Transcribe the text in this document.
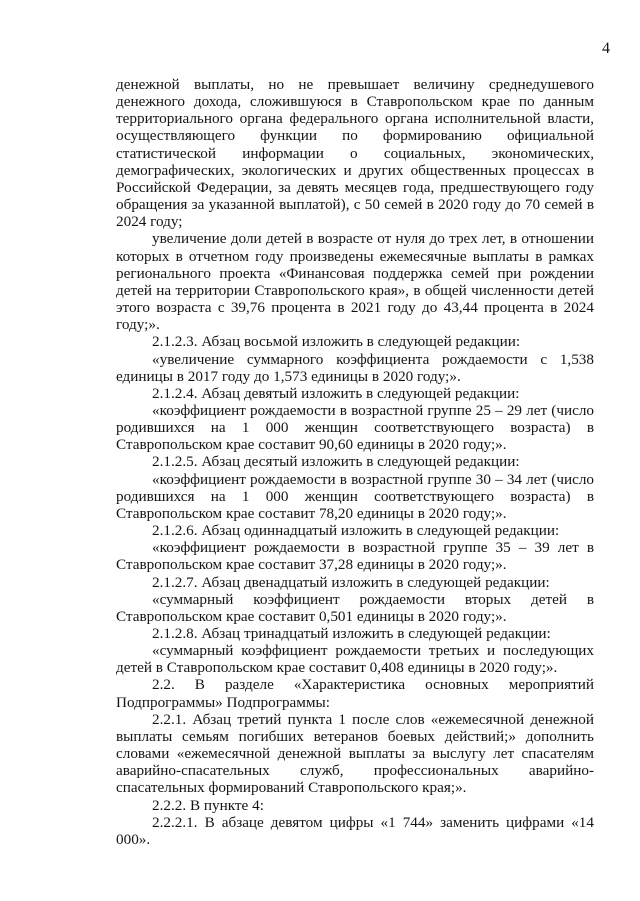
4

денежной выплаты, но не превышает величину среднедушевого денежного дохода, сложившуюся в Ставропольском крае по данным территориального органа федерального органа исполнительной власти, осуществляющего функции по формированию официальной статистической информации о социальных, экономических, демографических, экологических и других общественных процессах в Российской Федерации, за девять месяцев года, предшествующего году обращения за указанной выплатой), с 50 семей в 2020 году до 70 семей в 2024 году;

увеличение доли детей в возрасте от нуля до трех лет, в отношении которых в отчетном году произведены ежемесячные выплаты в рамках регионального проекта «Финансовая поддержка семей при рождении детей на территории Ставропольского края», в общей численности детей этого возраста с 39,76 процента в 2021 году до 43,44 процента в 2024 году;».

2.1.2.3. Абзац восьмой изложить в следующей редакции:

«увеличение суммарного коэффициента рождаемости с 1,538 единицы в 2017 году до 1,573 единицы в 2020 году;».

2.1.2.4. Абзац девятый изложить в следующей редакции:

«коэффициент рождаемости в возрастной группе 25 – 29 лет (число родившихся на 1 000 женщин соответствующего возраста) в Ставропольском крае составит 90,60 единицы в 2020 году;».

2.1.2.5. Абзац десятый изложить в следующей редакции:

«коэффициент рождаемости в возрастной группе 30 – 34 лет (число родившихся на 1 000 женщин соответствующего возраста) в Ставропольском крае составит 78,20 единицы в 2020 году;».

2.1.2.6. Абзац одиннадцатый изложить в следующей редакции:

«коэффициент рождаемости в возрастной группе 35 – 39 лет в Ставропольском крае составит 37,28 единицы в 2020 году;».

2.1.2.7. Абзац двенадцатый изложить в следующей редакции:

«суммарный коэффициент рождаемости вторых детей в Ставропольском крае составит 0,501 единицы в 2020 году;».

2.1.2.8. Абзац тринадцатый изложить в следующей редакции:

«суммарный коэффициент рождаемости третьих и последующих детей в Ставропольском крае составит 0,408 единицы в 2020 году;».

2.2. В разделе «Характеристика основных мероприятий Подпрограммы» Подпрограммы:

2.2.1. Абзац третий пункта 1 после слов «ежемесячной денежной выплаты семьям погибших ветеранов боевых действий;» дополнить словами «ежемесячной денежной выплаты за выслугу лет спасателям аварийно-спасательных служб, профессиональных аварийно-спасательных формирований Ставропольского края;».

2.2.2. В пункте 4:

2.2.2.1. В абзаце девятом цифры «1 744» заменить цифрами «14 000».
